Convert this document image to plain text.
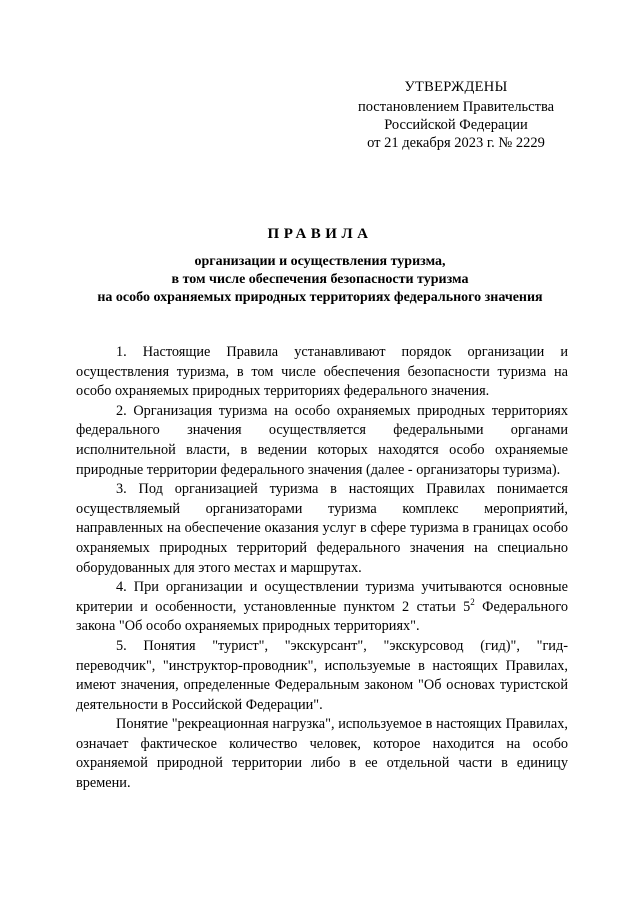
УТВЕРЖДЕНЫ
постановлением Правительства
Российской Федерации
от 21 декабря 2023 г. № 2229
ПРАВИЛА
организации и осуществления туризма,
в том числе обеспечения безопасности туризма
на особо охраняемых природных территориях федерального значения

1. Настоящие Правила устанавливают порядок организации и осуществления туризма, в том числе обеспечения безопасности туризма на особо охраняемых природных территориях федерального значения.

2. Организация туризма на особо охраняемых природных территориях федерального значения осуществляется федеральными органами исполнительной власти, в ведении которых находятся особо охраняемые природные территории федерального значения (далее - организаторы туризма).

3. Под организацией туризма в настоящих Правилах понимается осуществляемый организаторами туризма комплекс мероприятий, направленных на обеспечение оказания услуг в сфере туризма в границах особо охраняемых природных территорий федерального значения на специально оборудованных для этого местах и маршрутах.

4. При организации и осуществлении туризма учитываются основные критерии и особенности, установленные пунктом 2 статьи $5^2$ Федерального закона "Об особо охраняемых природных территориях".

5. Понятия "турист", "экскурсант", "экскурсовод (гид)", "гид-переводчик", "инструктор-проводник", используемые в настоящих Правилах, имеют значения, определенные Федеральным законом "Об основах туристской деятельности в Российской Федерации".

Понятие "рекреационная нагрузка", используемое в настоящих Правилах, означает фактическое количество человек, которое находится на особо охраняемой природной территории либо в ее отдельной части в единицу времени.
